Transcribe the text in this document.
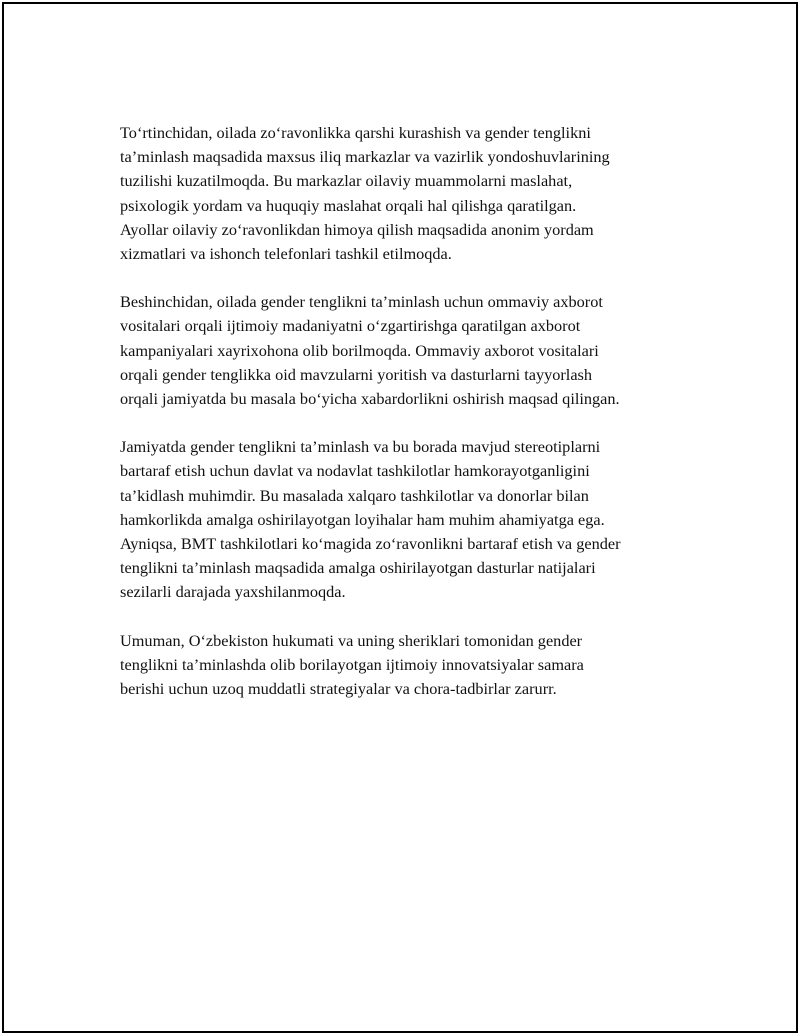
To‘rtinchidan, oilada zo‘ravonlikka qarshi kurashish va gender tenglikni
ta’minlash maqsadida maxsus iliq markazlar va vazirlik yondoshuvlarining
tuzilishi kuzatilmoqda. Bu markazlar oilaviy muammolarni maslahat,
psixologik yordam va huquqiy maslahat orqali hal qilishga qaratilgan.
Ayollar oilaviy zo‘ravonlikdan himoya qilish maqsadida anonim yordam
xizmatlari va ishonch telefonlari tashkil etilmoqda.

Beshinchidan, oilada gender tenglikni ta’minlash uchun ommaviy axborot
vositalari orqali ijtimoiy madaniyatni o‘zgartirishga qaratilgan axborot
kampaniyalari xayrixohona olib borilmoqda. Ommaviy axborot vositalari
orqali gender tenglikka oid mavzularni yoritish va dasturlarni tayyorlash
orqali jamiyatda bu masala bo‘yicha xabardorlikni oshirish maqsad qilingan.

Jamiyatda gender tenglikni ta’minlash va bu borada mavjud stereotiplarni
bartaraf etish uchun davlat va nodavlat tashkilotlar hamkorayotganligini
ta’kidlash muhimdir. Bu masalada xalqaro tashkilotlar va donorlar bilan
hamkorlikda amalga oshirilayotgan loyihalar ham muhim ahamiyatga ega.
Ayniqsa, BMT tashkilotlari ko‘magida zo‘ravonlikni bartaraf etish va gender
tenglikni ta’minlash maqsadida amalga oshirilayotgan dasturlar natijalari
sezilarli darajada yaxshilanmoqda.

Umuman, O‘zbekiston hukumati va uning sheriklari tomonidan gender
tenglikni ta’minlashda olib borilayotgan ijtimoiy innovatsiyalar samara
berishi uchun uzoq muddatli strategiyalar va chora-tadbirlar zarurr.
